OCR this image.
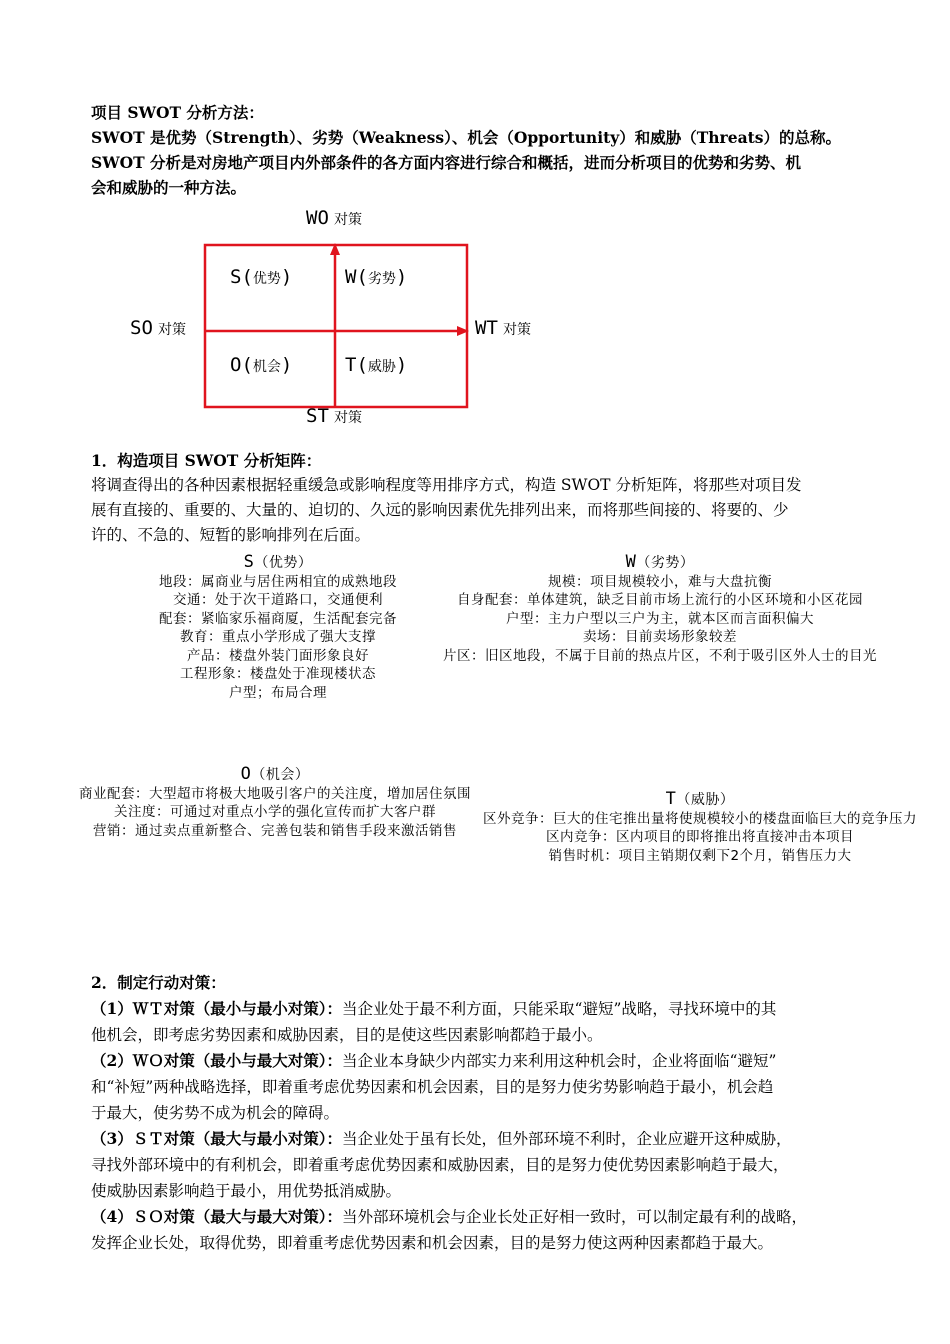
项目 SWOT 分析方法：
SWOT 是优势（Strength）、劣势（Weakness）、机会（Opportunity）和威胁（Threats）的总称。
SWOT 分析是对房地产项目内外部条件的各方面内容进行综合和概括，进而分析项目的优势和劣势、机
会和威胁的一种方法。
WO 对策
SO 对策	WT 对策
ST 对策
S(优势)	W(劣势)
O(机会)	T(威胁)
1．构造项目 SWOT 分析矩阵：
将调查得出的各种因素根据轻重缓急或影响程度等用排序方式，构造 SWOT 分析矩阵，将那些对项目发
展有直接的、重要的、大量的、迫切的、久远的影响因素优先排列出来，而将那些间接的、将要的、少
许的、不急的、短暂的影响排列在后面。
S（优势）
地段：属商业与居住两相宜的成熟地段
交通：处于次干道路口，交通便利
配套：紧临家乐福商厦，生活配套完备
教育：重点小学形成了强大支撑
产品：楼盘外装门面形象良好
工程形象：楼盘处于准现楼状态
户型；布局合理
W（劣势）
规模：项目规模较小，难与大盘抗衡
自身配套：单体建筑，缺乏目前市场上流行的小区环境和小区花园
户型：主力户型以三户为主，就本区而言面积偏大
卖场：目前卖场形象较差
片区：旧区地段，不属于目前的热点片区，不利于吸引区外人士的目光
O（机会）
商业配套：大型超市将极大地吸引客户的关注度，增加居住氛围
关注度：可通过对重点小学的强化宣传而扩大客户群
营销：通过卖点重新整合、完善包装和销售手段来激活销售
T（威胁）
区外竞争：巨大的住宅推出量将使规模较小的楼盘面临巨大的竞争压力
区内竞争：区内项目的即将推出将直接冲击本项目
销售时机：项目主销期仅剩下2个月，销售压力大
2．制定行动对策：
（1）ＷＴ对策（最小与最小对策）：当企业处于最不利方面，只能采取“避短”战略，寻找环境中的其
他机会，即考虑劣势因素和威胁因素，目的是使这些因素影响都趋于最小。
（2）ＷＯ对策（最小与最大对策）：当企业本身缺少内部实力来利用这种机会时，企业将面临“避短”
和“补短”两种战略选择，即着重考虑优势因素和机会因素，目的是努力使劣势影响趋于最小，机会趋
于最大，使劣势不成为机会的障碍。
（3）ＳＴ对策（最大与最小对策）：当企业处于虽有长处，但外部环境不利时，企业应避开这种威胁，
寻找外部环境中的有利机会，即着重考虑优势因素和威胁因素，目的是努力使优势因素影响趋于最大，
使威胁因素影响趋于最小，用优势抵消威胁。
（4）ＳＯ对策（最大与最大对策）：当外部环境机会与企业长处正好相一致时，可以制定最有利的战略，
发挥企业长处，取得优势，即着重考虑优势因素和机会因素，目的是努力使这两种因素都趋于最大。
